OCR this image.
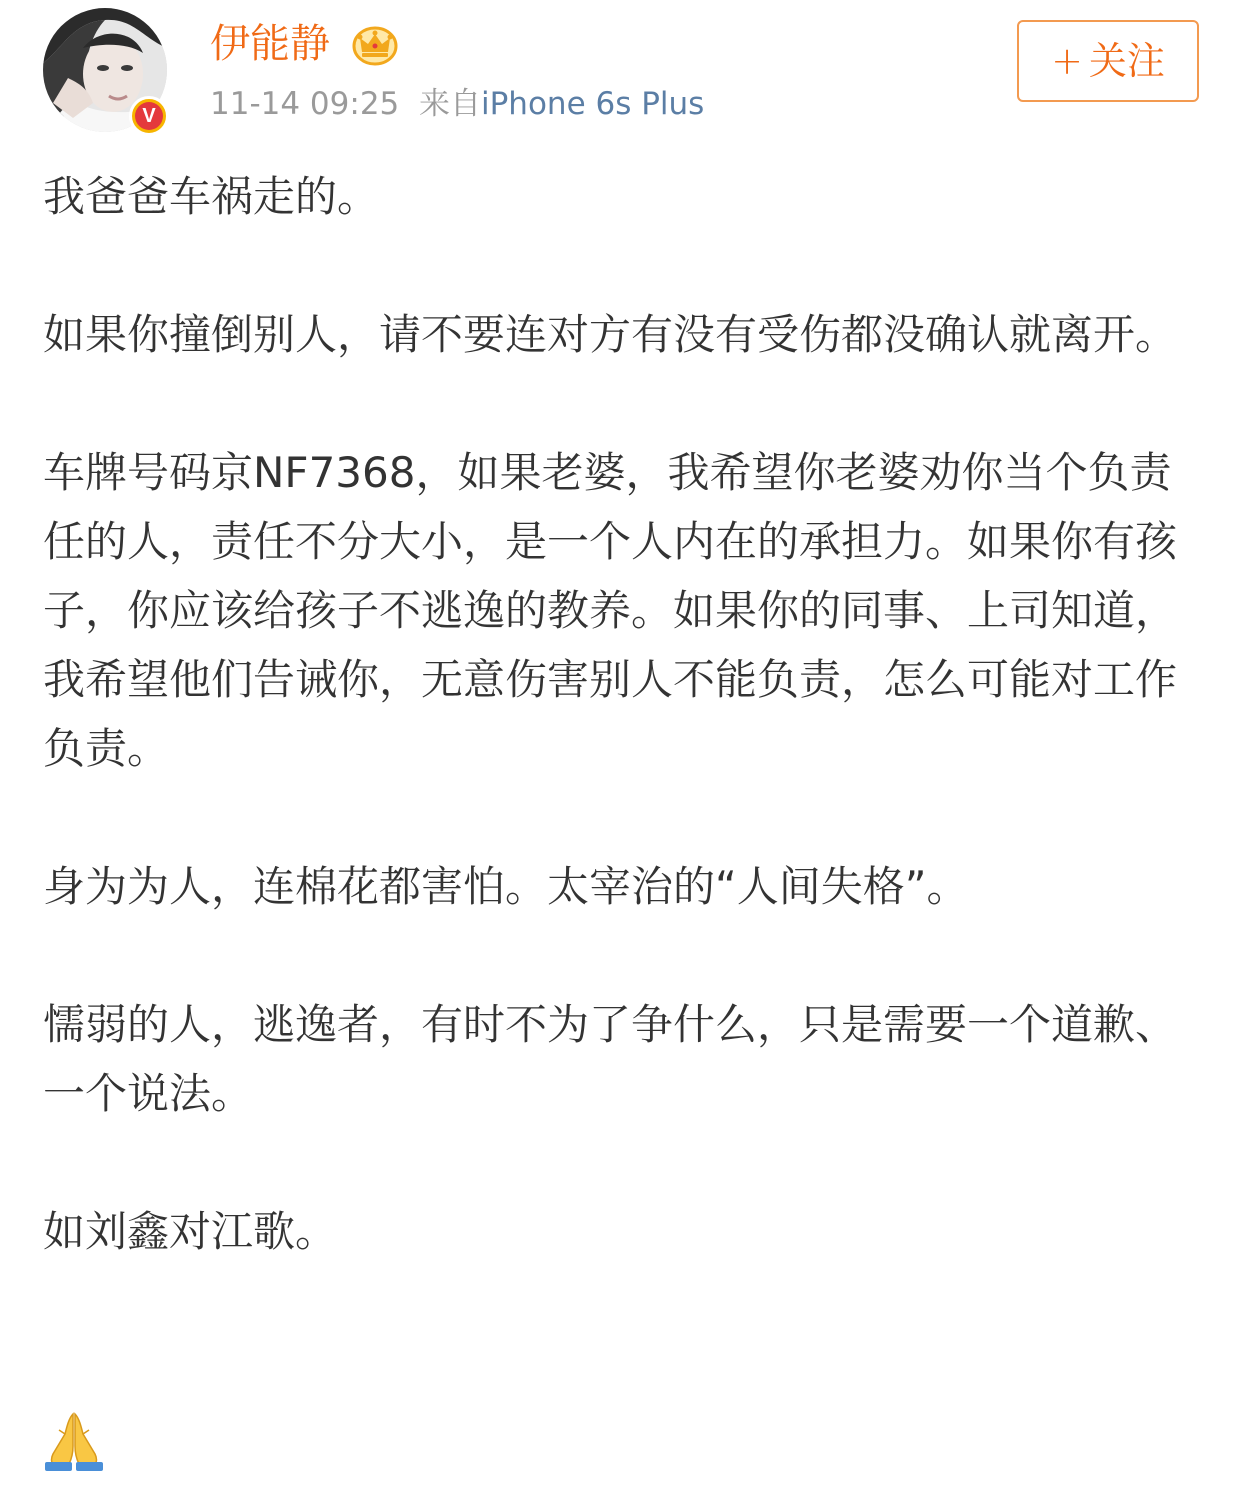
V
伊能静
11-14 09:25 来自iPhone 6s Plus
+ 关注

我爸爸车祸走的。

如果你撞倒别人，请不要连对方有没有受伤都没确认就离开。

车牌号码京NF7368，如果老婆，我希望你老婆劝你当个负责任的人，责任不分大小，是一个人内在的承担力。如果你有孩子，你应该给孩子不逃逸的教养。如果你的同事、上司知道，我希望他们告诫你，无意伤害别人不能负责，怎么可能对工作负责。

身为为人，连棉花都害怕。太宰治的“人间失格”。

懦弱的人，逃逸者，有时不为了争什么，只是需要一个道歉、一个说法。

如刘鑫对江歌。
